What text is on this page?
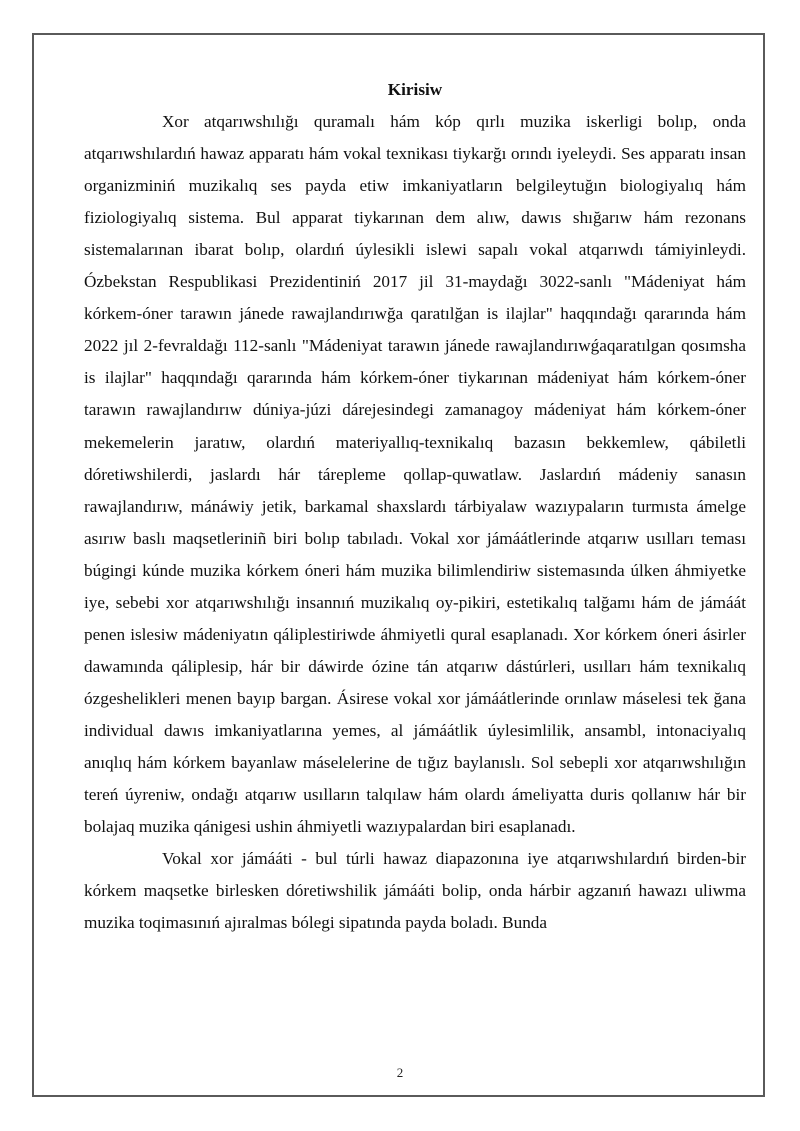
Kirisiw

Xor atqarıwshılığı quramalı hám kóp qırlı muzika iskerligi bolıp, onda atqarıwshılardıń hawaz apparatı hám vokal texnikası tiykarğı orındı iyeleydi. Ses apparatı insan organizminiń muzikalıq ses payda etiw imkaniyatların belgileytuğın biologiyalıq hám fiziologiyalıq sistema. Bul apparat tiykarınan dem alıw, dawıs shığarıw hám rezonans sistemalarınan ibarat bolıp, olardıń úylesikli islewi sapalı vokal atqarıwdı támiyinleydi. Ózbekstan Respublikasi Prezidentiniń 2017 jil 31-maydağı 3022-sanlı "Mádeniyat hám kórkem-óner tarawın jánede rawajlandırıwğa qaratılğan is ilajlar" haqqındağı qararında hám 2022 jıl 2-fevraldağı 112-sanlı "Mádeniyat tarawın jánede rawajlandırıwǵaqaratılgan qosımsha is ilajlar" haqqındağı qararında hám kórkem-óner tiykarınan mádeniyat hám kórkem-óner tarawın rawajlandırıw dúniya-júzi dárejesindegi zamanagoy mádeniyat hám kórkem-óner mekemelerin jaratıw, olardıń materiyallıq-texnikalıq bazasın bekkemlew, qábiletli dóretiwshilerdi, jaslardı hár tárepleme qollap-quwatlaw. Jaslardıń mádeniy sanasın rawajlandırıw, mánáwiy jetik, barkamal shaxslardı tárbiyalaw wazıypaların turmısta ámelge asırıw baslı maqsetleriniñ biri bolıp tabıladı. Vokal xor jámáátlerinde atqarıw usılları teması búgingi kúnde muzika kórkem óneri hám muzika bilimlendiriw sistemasında úlken áhmiyetke iye, sebebi xor atqarıwshılığı insannıń muzikalıq oy-pikiri, estetikalıq talğamı hám de jámáát penen islesiw mádeniyatın qáliplestiriwde áhmiyetli qural esaplanadı. Xor kórkem óneri ásirler dawamında qáliplesip, hár bir dáwirde ózine tán atqarıw dástúrleri, usılları hám texnikalıq ózgeshelikleri menen bayıp bargan. Ásirese vokal xor jámáátlerinde orınlaw máselesi tek ğana individual dawıs imkaniyatlarına yemes, al jámáátlik úylesimlilik, ansambl, intonaciyalıq anıqlıq hám kórkem bayanlaw máselelerine de tığız baylanıslı. Sol sebepli xor atqarıwshılığın tereń úyreniw, ondağı atqarıw usılların talqılaw hám olardı ámeliyatta duris qollanıw hár bir bolajaq muzika qánigesi ushin áhmiyetli wazıypalardan biri esaplanadı.

Vokal xor jámááti - bul túrli hawaz diapazonına iye atqarıwshılardıń birden-bir kórkem maqsetke birlesken dóretiwshilik jámááti bolip, onda hárbir agzanıń hawazı uliwma muzika toqimasınıń ajıralmas bólegi sipatında payda boladı. Bunda

2
